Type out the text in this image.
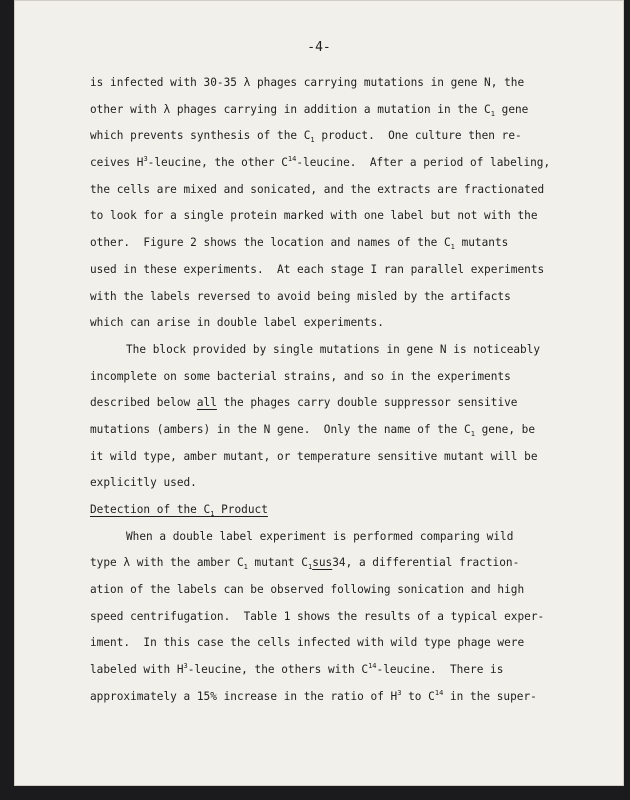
-4-
is infected with 30-35 λ phages carrying mutations in gene N, the
other with λ phages carrying in addition a mutation in the $C_1$ gene
which prevents synthesis of the $C_1$ product.  One culture then re-
ceives $H^3$-leucine, the other $C^{14}$-leucine.  After a period of labeling,
the cells are mixed and sonicated, and the extracts are fractionated
to look for a single protein marked with one label but not with the
other.  Figure 2 shows the location and names of the $C_1$ mutants
used in these experiments.  At each stage I ran parallel experiments
with the labels reversed to avoid being misled by the artifacts
which can arise in double label experiments.
The block provided by single mutations in gene N is noticeably
incomplete on some bacterial strains, and so in the experiments
described below all the phages carry double suppressor sensitive
mutations (ambers) in the N gene.  Only the name of the $C_1$ gene, be
it wild type, amber mutant, or temperature sensitive mutant will be
explicitly used.
Detection of the $C_1$ Product
When a double label experiment is performed comparing wild
type λ with the amber $C_1$ mutant $C_1sus34$, a differential fraction-
ation of the labels can be observed following sonication and high
speed centrifugation.  Table 1 shows the results of a typical exper-
iment.  In this case the cells infected with wild type phage were
labeled with $H^3$-leucine, the others with $C^{14}$-leucine.  There is
approximately a 15% increase in the ratio of $H^3$ to $C^{14}$ in the super-
